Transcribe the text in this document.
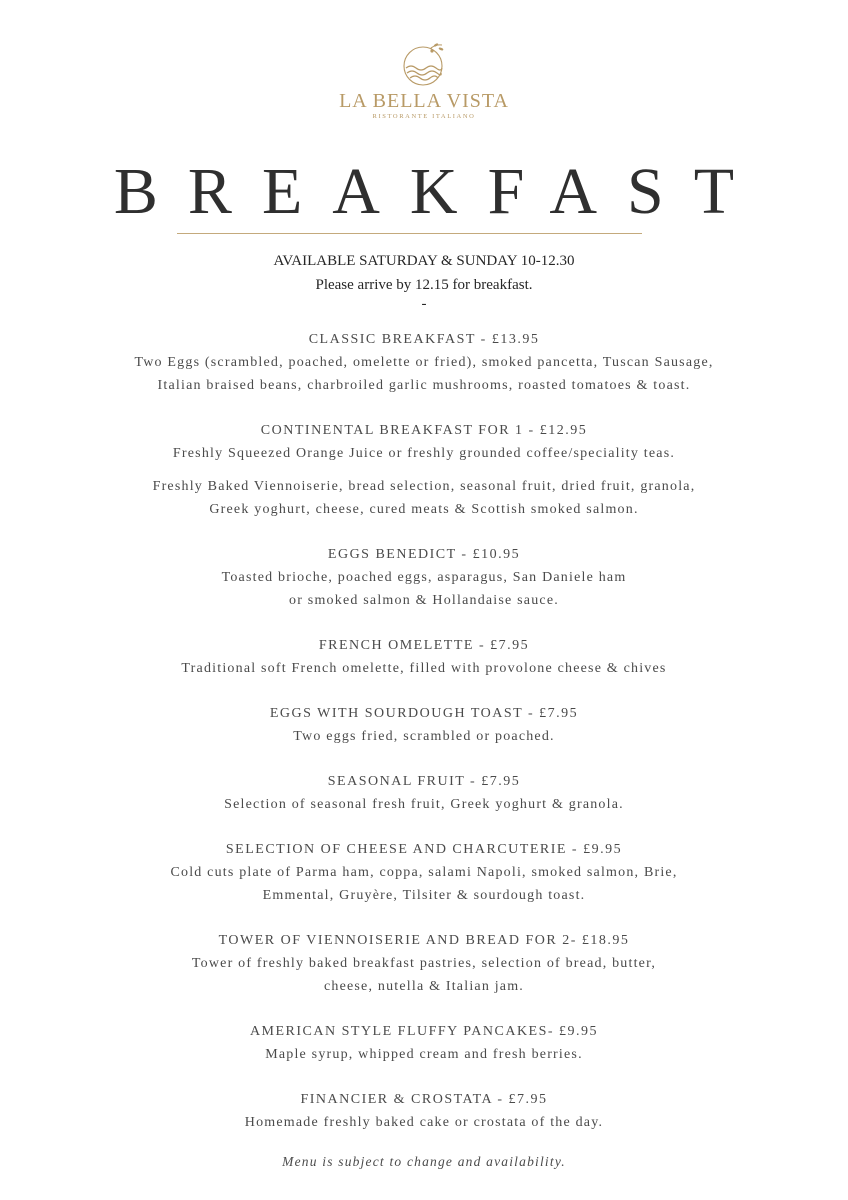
LA BELLA VISTA
RISTORANTE ITALIANO
BREAKFAST
AVAILABLE SATURDAY & SUNDAY 10-12.30
Please arrive by 12.15 for breakfast.
-
CLASSIC BREAKFAST - £13.95
Two Eggs (scrambled, poached, omelette or fried), smoked pancetta, Tuscan Sausage,
Italian braised beans, charbroiled garlic mushrooms, roasted tomatoes & toast.
CONTINENTAL BREAKFAST FOR 1 - £12.95
Freshly Squeezed Orange Juice or freshly grounded coffee/speciality teas.
Freshly Baked Viennoiserie, bread selection, seasonal fruit, dried fruit, granola,
Greek yoghurt, cheese, cured meats & Scottish smoked salmon.
EGGS BENEDICT - £10.95
Toasted brioche, poached eggs, asparagus, San Daniele ham
or smoked salmon & Hollandaise sauce.
FRENCH OMELETTE - £7.95
Traditional soft French omelette, filled with provolone cheese & chives
EGGS WITH SOURDOUGH TOAST - £7.95
Two eggs fried, scrambled or poached.
SEASONAL FRUIT - £7.95
Selection of seasonal fresh fruit, Greek yoghurt & granola.
SELECTION OF CHEESE AND CHARCUTERIE - £9.95
Cold cuts plate of Parma ham, coppa, salami Napoli, smoked salmon, Brie,
Emmental, Gruyère, Tilsiter & sourdough toast.
TOWER OF VIENNOISERIE AND BREAD FOR 2- £18.95
Tower of freshly baked breakfast pastries, selection of bread, butter,
cheese, nutella & Italian jam.
AMERICAN STYLE FLUFFY PANCAKES- £9.95
Maple syrup, whipped cream and fresh berries.
FINANCIER & CROSTATA - £7.95
Homemade freshly baked cake or crostata of the day.
Menu is subject to change and availability.
